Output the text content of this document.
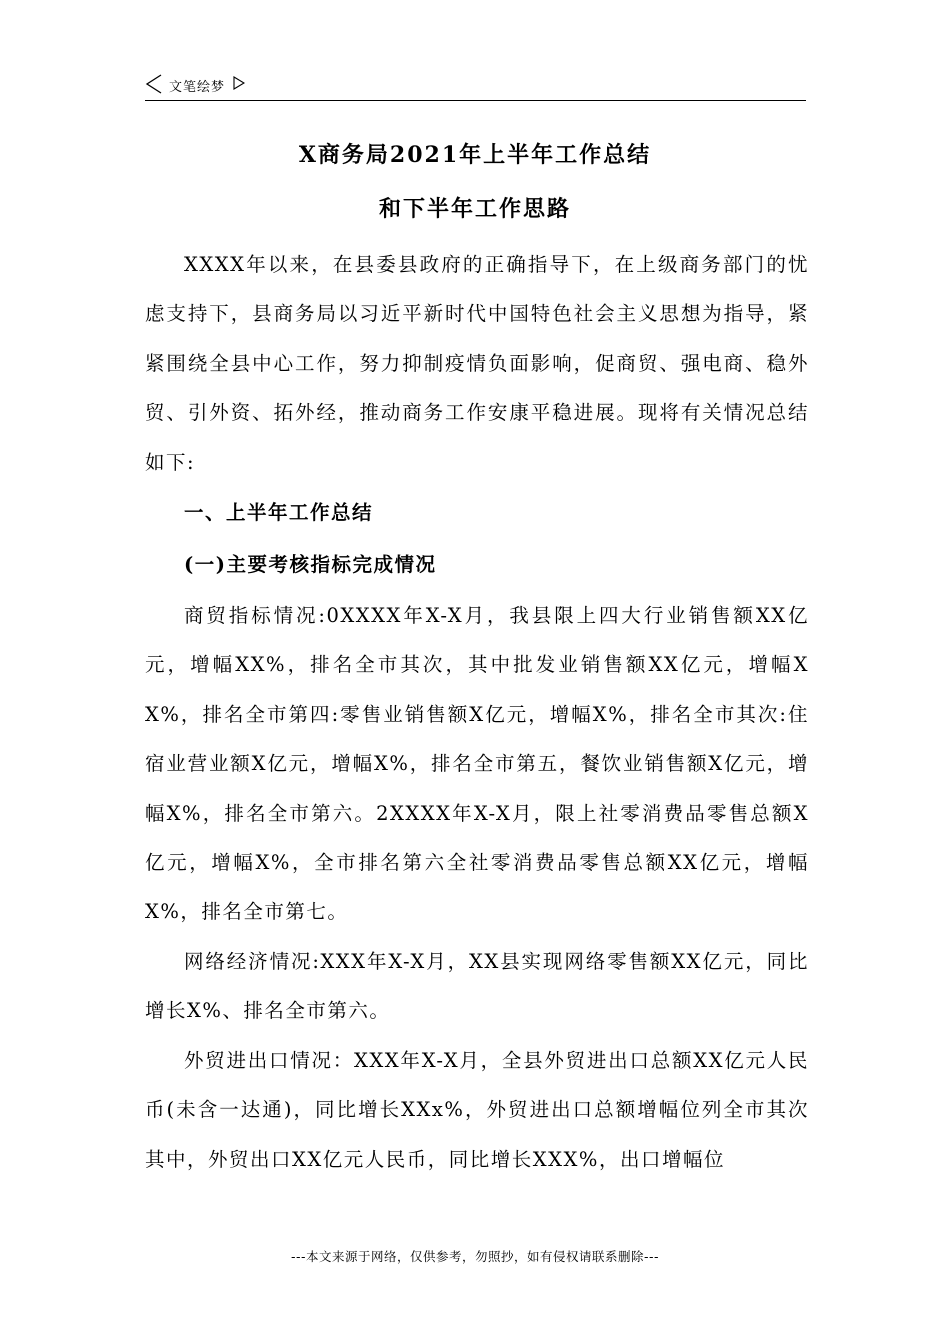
文笔绘梦
X商务局2021年上半年工作总结
和下半年工作思路

XXXX年以来，在县委县政府的正确指导下，在上级商务部门的忧虑支持下，县商务局以习近平新时代中国特色社会主义思想为指导，紧紧围绕全县中心工作，努力抑制疫情负面影响，促商贸、强电商、稳外贸、引外资、拓外经，推动商务工作安康平稳进展。现将有关情况总结如下:

一、上半年工作总结

(一)主要考核指标完成情况

商贸指标情况:0XXXX年X-X月，我县限上四大行业销售额XX亿元，增幅XX%，排名全市其次，其中批发业销售额XX亿元，增幅XX%，排名全市第四:零售业销售额X亿元，增幅X%，排名全市其次:住宿业营业额X亿元，增幅X%，排名全市第五，餐饮业销售额X亿元，增幅X%，排名全市第六。2XXXX年X-X月，限上社零消费品零售总额X亿元，增幅X%，全市排名第六全社零消费品零售总额XX亿元，增幅X%，排名全市第七。

网络经济情况:XXX年X-X月，XX县实现网络零售额XX亿元，同比增长X%、排名全市第六。

外贸进出口情况：XXX年X-X月，全县外贸进出口总额XX亿元人民币(未含一达通)，同比增长XXx%，外贸进出口总额增幅位列全市其次其中，外贸出口XX亿元人民币，同比增长XXX%，出口增幅位

---本文来源于网络，仅供参考，勿照抄，如有侵权请联系删除---
